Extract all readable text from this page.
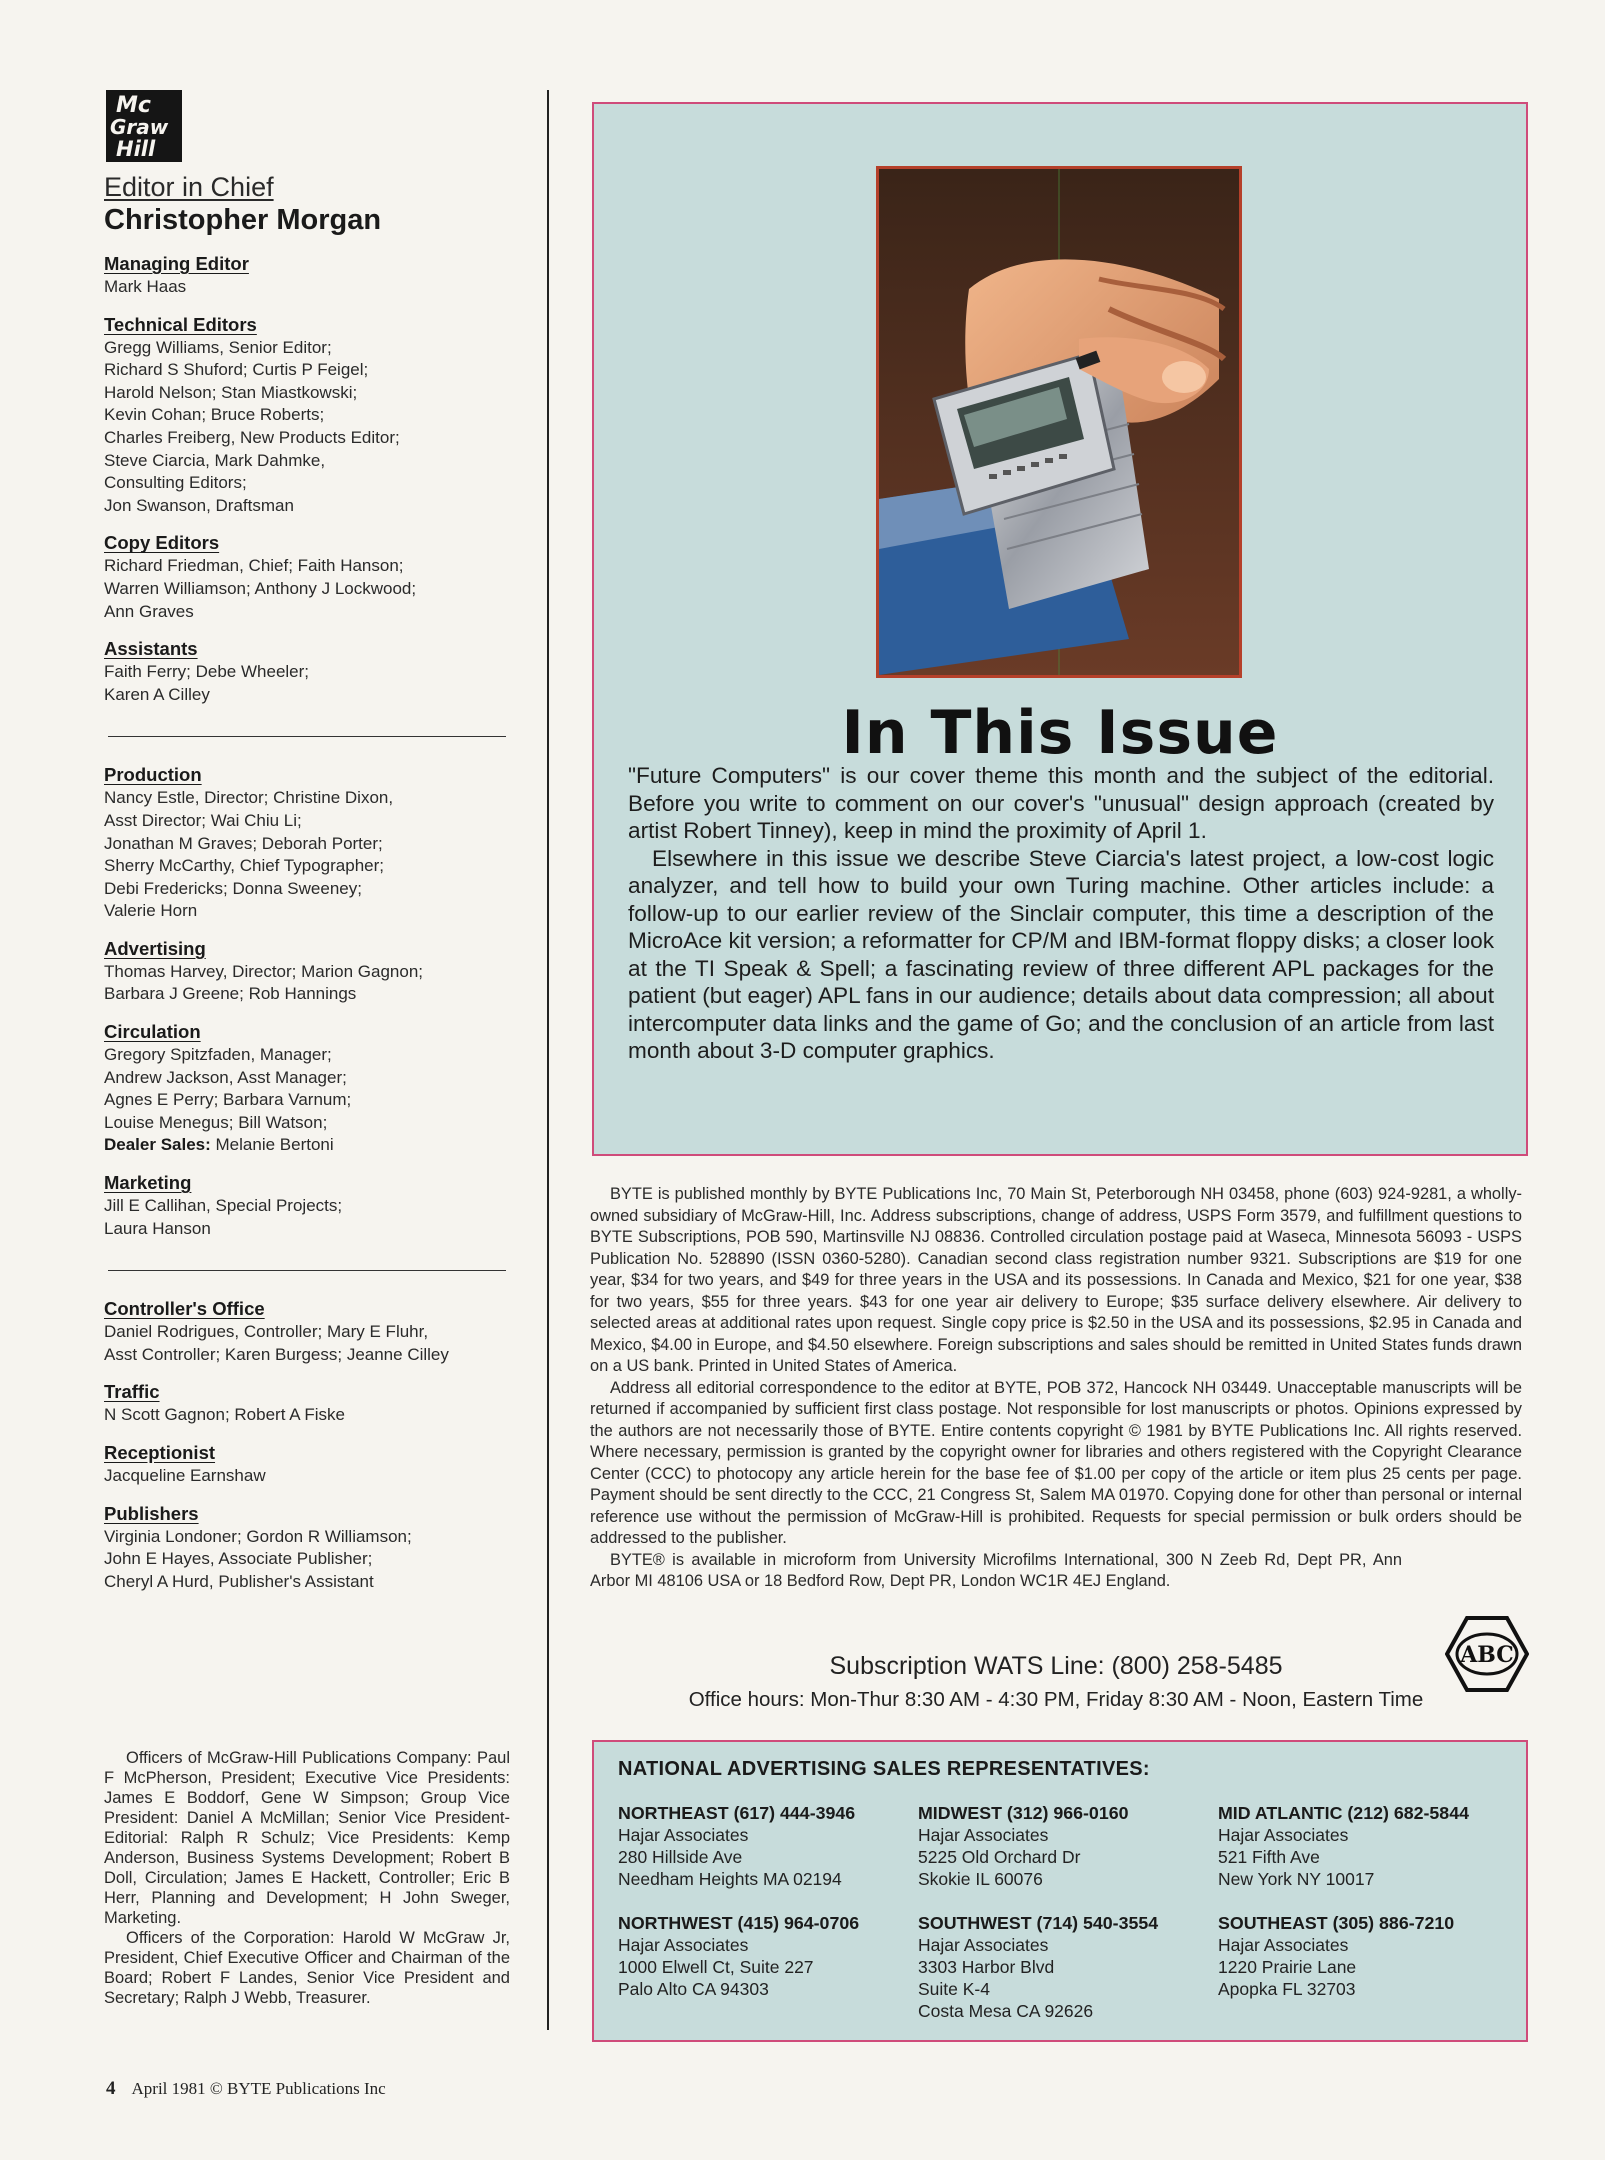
Mc
Graw
Hill
Editor in Chief
Christopher Morgan
Managing Editor
Mark Haas
Technical Editors
Gregg Williams, Senior Editor;
Richard S Shuford; Curtis P Feigel;
Harold Nelson; Stan Miastkowski;
Kevin Cohan; Bruce Roberts;
Charles Freiberg, New Products Editor;
Steve Ciarcia, Mark Dahmke,
Consulting Editors;
Jon Swanson, Draftsman
Copy Editors
Richard Friedman, Chief; Faith Hanson;
Warren Williamson; Anthony J Lockwood;
Ann Graves
Assistants
Faith Ferry; Debe Wheeler;
Karen A Cilley
Production
Nancy Estle, Director; Christine Dixon,
Asst Director; Wai Chiu Li;
Jonathan M Graves; Deborah Porter;
Sherry McCarthy, Chief Typographer;
Debi Fredericks; Donna Sweeney;
Valerie Horn
Advertising
Thomas Harvey, Director; Marion Gagnon;
Barbara J Greene; Rob Hannings
Circulation
Gregory Spitzfaden, Manager;
Andrew Jackson, Asst Manager;
Agnes E Perry; Barbara Varnum;
Louise Menegus; Bill Watson;
Dealer Sales: Melanie Bertoni
Marketing
Jill E Callihan, Special Projects;
Laura Hanson
Controller's Office
Daniel Rodrigues, Controller; Mary E Fluhr,
Asst Controller; Karen Burgess; Jeanne Cilley
Traffic
N Scott Gagnon; Robert A Fiske
Receptionist
Jacqueline Earnshaw
Publishers
Virginia Londoner; Gordon R Williamson;
John E Hayes, Associate Publisher;
Cheryl A Hurd, Publisher's Assistant

Officers of McGraw-Hill Publications Company: Paul F McPherson, President; Executive Vice Presidents: James E Boddorf, Gene W Simpson; Group Vice President: Daniel A McMillan; Senior Vice President-Editorial: Ralph R Schulz; Vice Presidents: Kemp Anderson, Business Systems Development; Robert B Doll, Circulation; James E Hackett, Controller; Eric B Herr, Planning and Development; H John Sweger, Marketing.

Officers of the Corporation: Harold W McGraw Jr, President, Chief Executive Officer and Chairman of the Board; Robert F Landes, Senior Vice President and Secretary; Ralph J Webb, Treasurer.

In This Issue

"Future Computers" is our cover theme this month and the subject of the editorial. Before you write to comment on our cover's "unusual" design approach (created by artist Robert Tinney), keep in mind the proximity of April 1.

Elsewhere in this issue we describe Steve Ciarcia's latest project, a low-cost logic analyzer, and tell how to build your own Turing machine. Other articles include: a follow-up to our earlier review of the Sinclair computer, this time a description of the MicroAce kit version; a reformatter for CP/M and IBM-format floppy disks; a closer look at the TI Speak & Spell; a fascinating review of three different APL packages for the patient (but eager) APL fans in our audience; details about data compression; all about intercomputer data links and the game of Go; and the conclusion of an article from last month about 3-D computer graphics.

BYTE is published monthly by BYTE Publications Inc, 70 Main St, Peterborough NH 03458, phone (603) 924-9281, a wholly-owned subsidiary of McGraw-Hill, Inc. Address subscriptions, change of address, USPS Form 3579, and fulfillment questions to BYTE Subscriptions, POB 590, Martinsville NJ 08836. Controlled circulation postage paid at Waseca, Minnesota 56093 - USPS Publication No. 528890 (ISSN 0360-5280). Canadian second class registration number 9321. Subscriptions are $19 for one year, $34 for two years, and $49 for three years in the USA and its possessions. In Canada and Mexico, $21 for one year, $38 for two years, $55 for three years. $43 for one year air delivery to Europe; $35 surface delivery elsewhere. Air delivery to selected areas at additional rates upon request. Single copy price is $2.50 in the USA and its possessions, $2.95 in Canada and Mexico, $4.00 in Europe, and $4.50 elsewhere. Foreign subscriptions and sales should be remitted in United States funds drawn on a US bank. Printed in United States of America.

Address all editorial correspondence to the editor at BYTE, POB 372, Hancock NH 03449. Unacceptable manuscripts will be returned if accompanied by sufficient first class postage. Not responsible for lost manuscripts or photos. Opinions expressed by the authors are not necessarily those of BYTE. Entire contents copyright © 1981 by BYTE Publications Inc. All rights reserved. Where necessary, permission is granted by the copyright owner for libraries and others registered with the Copyright Clearance Center (CCC) to photocopy any article herein for the base fee of $1.00 per copy of the article or item plus 25 cents per page. Payment should be sent directly to the CCC, 21 Congress St, Salem MA 01970. Copying done for other than personal or internal reference use without the permission of McGraw-Hill is prohibited. Requests for special permission or bulk orders should be addressed to the publisher.

BYTE® is available in microform from University Microfilms International, 300 N Zeeb Rd, Dept PR, Ann Arbor MI 48106 USA or 18 Bedford Row, Dept PR, London WC1R 4EJ England.

ABC
Subscription WATS Line: (800) 258-5485
Office hours: Mon-Thur 8:30 AM - 4:30 PM, Friday 8:30 AM - Noon, Eastern Time
NATIONAL ADVERTISING SALES REPRESENTATIVES:
NORTHEAST (617) 444-3946
Hajar Associates
280 Hillside Ave
Needham Heights MA 02194
MIDWEST (312) 966-0160
Hajar Associates
5225 Old Orchard Dr
Skokie IL 60076
MID ATLANTIC (212) 682-5844
Hajar Associates
521 Fifth Ave
New York NY 10017
NORTHWEST (415) 964-0706
Hajar Associates
1000 Elwell Ct, Suite 227
Palo Alto CA 94303
SOUTHWEST (714) 540-3554
Hajar Associates
3303 Harbor Blvd
Suite K-4
Costa Mesa CA 92626
SOUTHEAST (305) 886-7210
Hajar Associates
1220 Prairie Lane
Apopka FL 32703
4 April 1981 © BYTE Publications Inc
